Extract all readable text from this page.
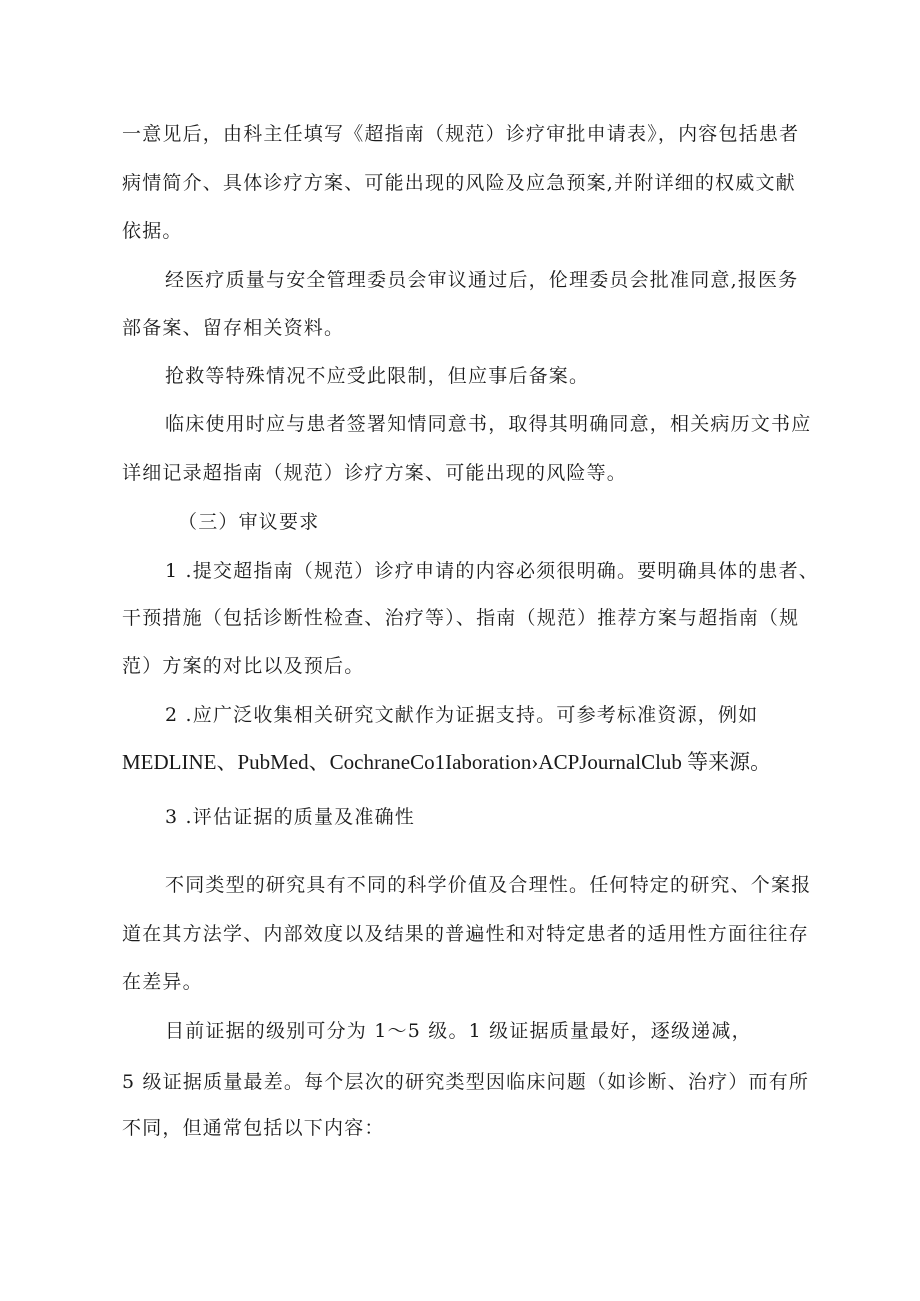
一意见后，由科主任填写《超指南（规范）诊疗审批申请表》，内容包括患者
病情简介、具体诊疗方案、可能出现的风险及应急预案,并附详细的权威文献
依据。
经医疗质量与安全管理委员会审议通过后，伦理委员会批准同意,报医务
部备案、留存相关资料。
抢救等特殊情况不应受此限制，但应事后备案。
临床使用时应与患者签署知情同意书，取得其明确同意，相关病历文书应
详细记录超指南（规范）诊疗方案、可能出现的风险等。
（三）审议要求
1 .提交超指南（规范）诊疗申请的内容必须很明确。要明确具体的患者、
干预措施（包括诊断性检查、治疗等）、指南（规范）推荐方案与超指南（规
范）方案的对比以及预后。
2 .应广泛收集相关研究文献作为证据支持。可参考标准资源，例如
MEDLINE、PubMed、CochraneCo1Iaboration›ACPJournalClub 等来源。
3 .评估证据的质量及准确性
不同类型的研究具有不同的科学价值及合理性。任何特定的研究、个案报
道在其方法学、内部效度以及结果的普遍性和对特定患者的适用性方面往往存
在差异。
目前证据的级别可分为 1～5 级。1 级证据质量最好，逐级递减，
5 级证据质量最差。每个层次的研究类型因临床问题（如诊断、治疗）而有所
不同，但通常包括以下内容：
